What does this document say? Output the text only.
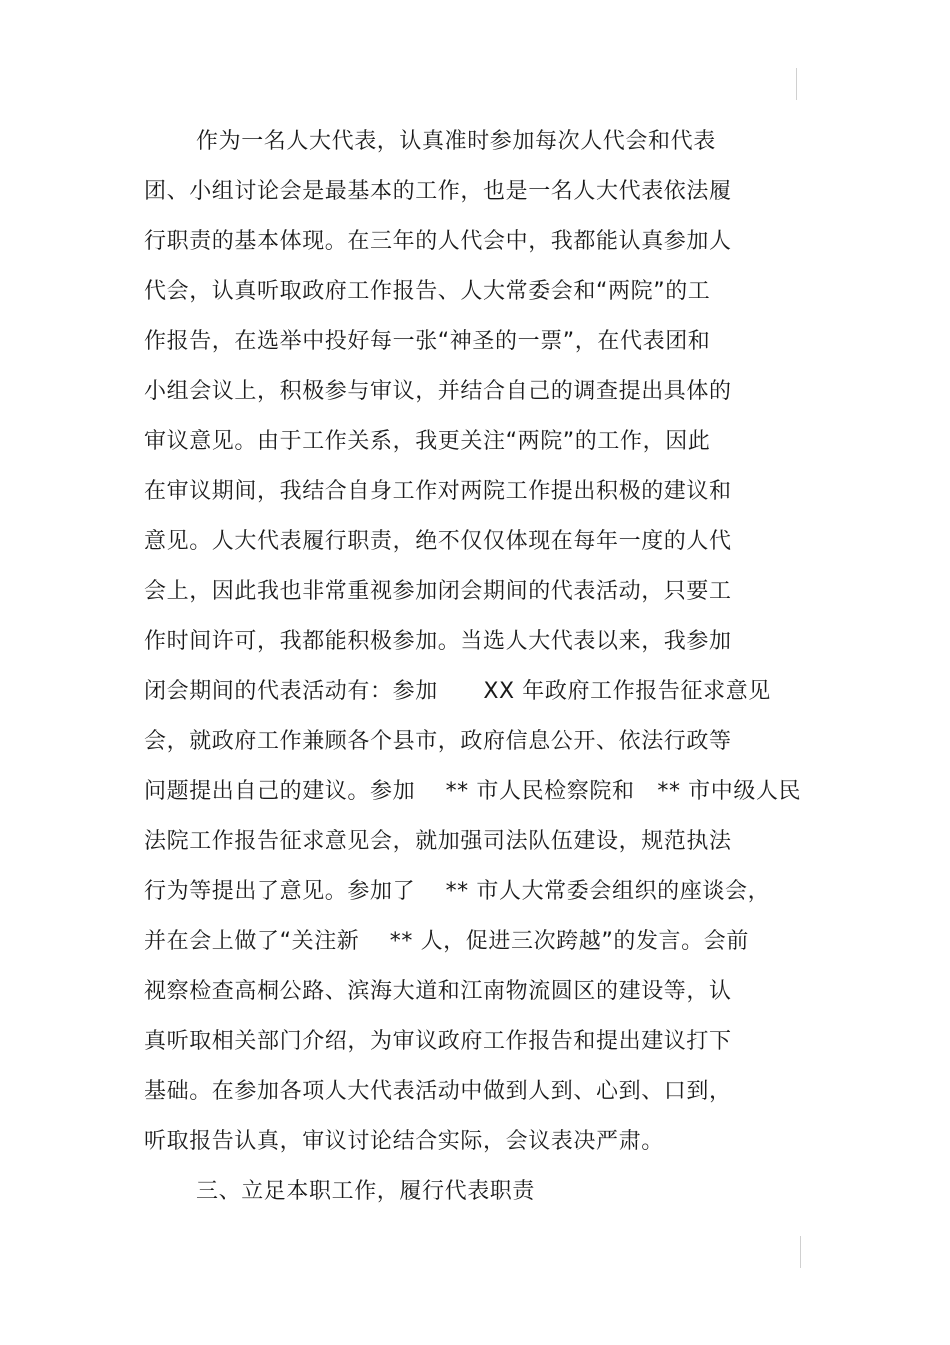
作为一名人大代表，认真准时参加每次人代会和代表
团、小组讨论会是最基本的工作，也是一名人大代表依法履
行职责的基本体现。在三年的人代会中，我都能认真参加人
代会，认真听取政府工作报告、人大常委会和“两院”的工
作报告，在选举中投好每一张“神圣的一票”，在代表团和
小组会议上，积极参与审议，并结合自己的调查提出具体的
审议意见。由于工作关系，我更关注“两院”的工作，因此
在审议期间，我结合自身工作对两院工作提出积极的建议和
意见。人大代表履行职责，绝不仅仅体现在每年一度的人代
会上，因此我也非常重视参加闭会期间的代表活动，只要工
作时间许可，我都能积极参加。当选人大代表以来，我参加
闭会期间的代表活动有：参加      XX 年政府工作报告征求意见
会，就政府工作兼顾各个县市，政府信息公开、依法行政等
问题提出自己的建议。参加    ** 市人民检察院和   ** 市中级人民
法院工作报告征求意见会，就加强司法队伍建设，规范执法
行为等提出了意见。参加了    ** 市人大常委会组织的座谈会，
并在会上做了“关注新    ** 人，促进三次跨越”的发言。会前
视察检查高桐公路、滨海大道和江南物流圆区的建设等，认
真听取相关部门介绍，为审议政府工作报告和提出建议打下
基础。在参加各项人大代表活动中做到人到、心到、口到，
听取报告认真，审议讨论结合实际，会议表决严肃。
三、立足本职工作，履行代表职责
